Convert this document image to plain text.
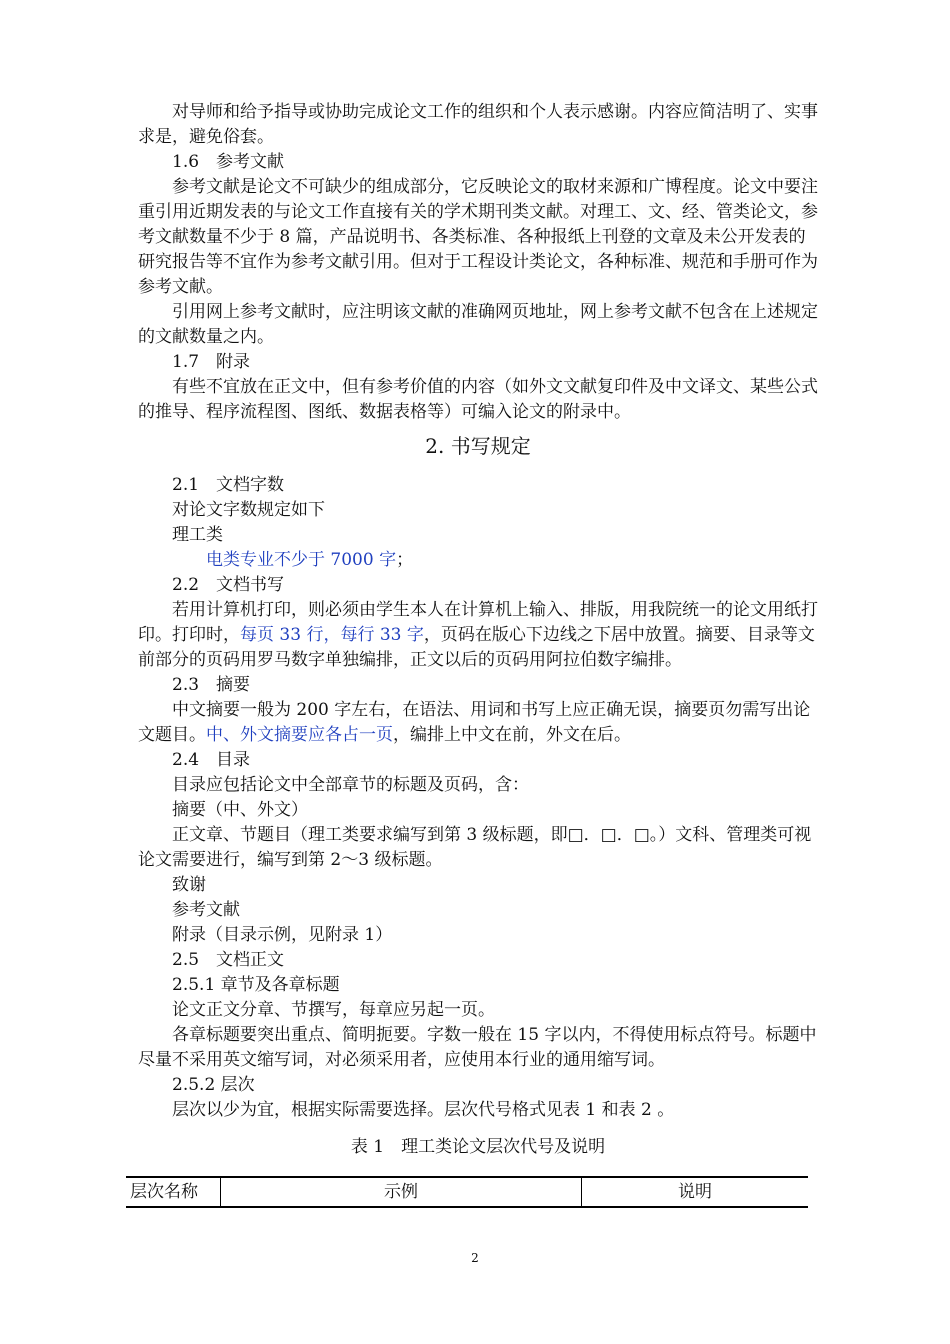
对导师和给予指导或协助完成论文工作的组织和个人表示感谢。内容应简洁明了、实事求是，避免俗套。

1.6　参考文献

参考文献是论文不可缺少的组成部分，它反映论文的取材来源和广博程度。论文中要注重引用近期发表的与论文工作直接有关的学术期刊类文献。对理工、文、经、管类论文，参考文献数量不少于 8 篇，产品说明书、各类标准、各种报纸上刊登的文章及未公开发表的研究报告等不宜作为参考文献引用。但对于工程设计类论文，各种标准、规范和手册可作为参考文献。

引用网上参考文献时，应注明该文献的准确网页地址，网上参考文献不包含在上述规定的文献数量之内。

1.7　附录

有些不宜放在正文中，但有参考价值的内容（如外文文献复印件及中文译文、某些公式的推导、程序流程图、图纸、数据表格等）可编入论文的附录中。

2. 书写规定

2.1　文档字数

对论文字数规定如下

理工类

电类专业不少于 7000 字；

2.2　文档书写

若用计算机打印，则必须由学生本人在计算机上输入、排版，用我院统一的论文用纸打印。打印时，每页 33 行，每行 33 字，页码在版心下边线之下居中放置。摘要、目录等文前部分的页码用罗马数字单独编排，正文以后的页码用阿拉伯数字编排。

2.3　摘要

中文摘要一般为 200 字左右，在语法、用词和书写上应正确无误，摘要页勿需写出论文题目。中、外文摘要应各占一页，编排上中文在前，外文在后。

2.4　目录

目录应包括论文中全部章节的标题及页码，含：

摘要（中、外文）

正文章、节题目（理工类要求编写到第 3 级标题，即□．□．□。）文科、管理类可视论文需要进行，编写到第 2～3 级标题。

致谢

参考文献

附录（目录示例，见附录 1）

2.5　文档正文

2.5.1 章节及各章标题

论文正文分章、节撰写，每章应另起一页。

各章标题要突出重点、简明扼要。字数一般在 15 字以内，不得使用标点符号。标题中尽量不采用英文缩写词，对必须采用者，应使用本行业的通用缩写词。

2.5.2 层次

层次以少为宜，根据实际需要选择。层次代号格式见表 1 和表 2 。

表 1　理工类论文层次代号及说明
层次名称	示例	说明
2
